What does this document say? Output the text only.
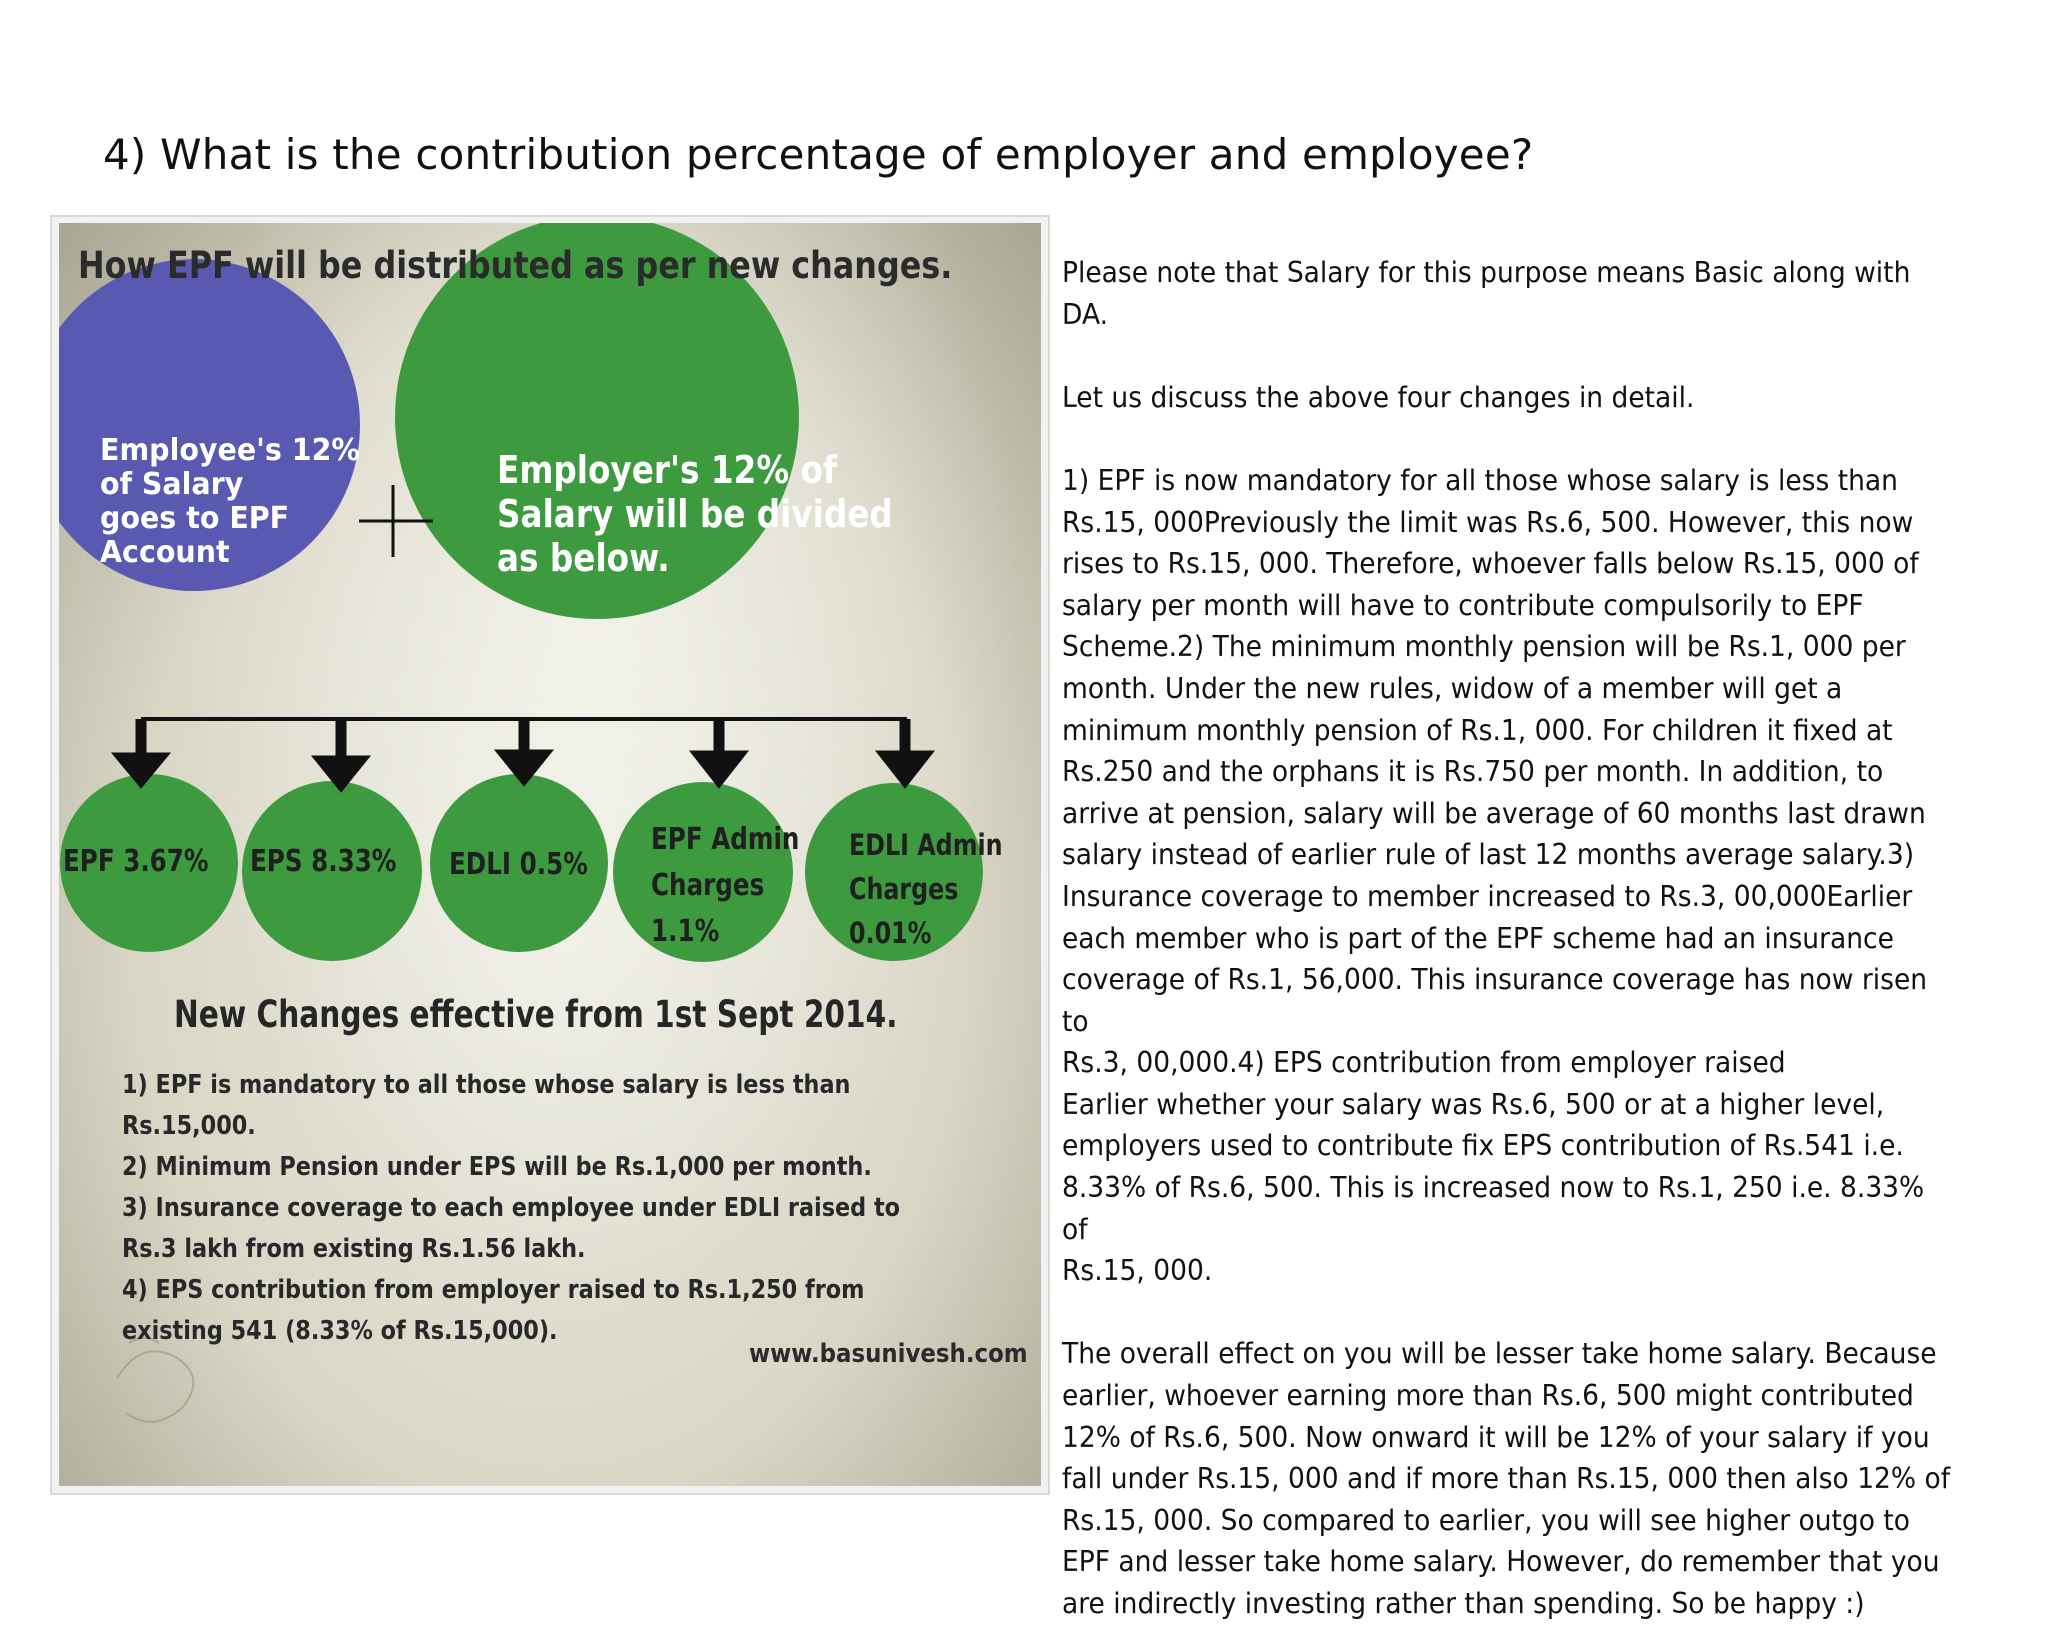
4) What is the contribution percentage of employer and employee?
How EPF will be distributed as per new changes.
Employee's 12%
of Salary
goes to EPF
Account
Employer's 12% of
Salary will be divided
as below.
EPF 3.67% EPS 8.33% EDLI 0.5%
EPF Admin
Charges
1.1%
EDLI Admin
Charges
0.01%
New Changes effective from 1st Sept 2014.
1) EPF is mandatory to all those whose salary is less than Rs.15,000.
2) Minimum Pension under EPS will be Rs.1,000 per month.
3) Insurance coverage to each employee under EDLI raised to
Rs.3 lakh from existing Rs.1.56 lakh.
4) EPS contribution from employer raised to Rs.1,250 from
existing 541 (8.33% of Rs.15,000).
www.basunivesh.com

Please note that Salary for this purpose means Basic along with
DA.

Let us discuss the above four changes in detail.

1) EPF is now mandatory for all those whose salary is less than
Rs.15, 000Previously the limit was Rs.6, 500. However, this now
rises to Rs.15, 000. Therefore, whoever falls below Rs.15, 000 of
salary per month will have to contribute compulsorily to EPF
Scheme.2) The minimum monthly pension will be Rs.1, 000 per
month. Under the new rules, widow of a member will get a
minimum monthly pension of Rs.1, 000. For children it fixed at
Rs.250 and the orphans it is Rs.750 per month. In addition, to
arrive at pension, salary will be average of 60 months last drawn
salary instead of earlier rule of last 12 months average salary.3)
Insurance coverage to member increased to Rs.3, 00,000Earlier
each member who is part of the EPF scheme had an insurance
coverage of Rs.1, 56,000. This insurance coverage has now risen to
Rs.3, 00,000.4) EPS contribution from employer raised
Earlier whether your salary was Rs.6, 500 or at a higher level,
employers used to contribute fix EPS contribution of Rs.541 i.e.
8.33% of Rs.6, 500. This is increased now to Rs.1, 250 i.e. 8.33% of
Rs.15, 000.

The overall effect on you will be lesser take home salary. Because
earlier, whoever earning more than Rs.6, 500 might contributed
12% of Rs.6, 500. Now onward it will be 12% of your salary if you
fall under Rs.15, 000 and if more than Rs.15, 000 then also 12% of
Rs.15, 000. So compared to earlier, you will see higher outgo to
EPF and lesser take home salary. However, do remember that you
are indirectly investing rather than spending. So be happy :)
